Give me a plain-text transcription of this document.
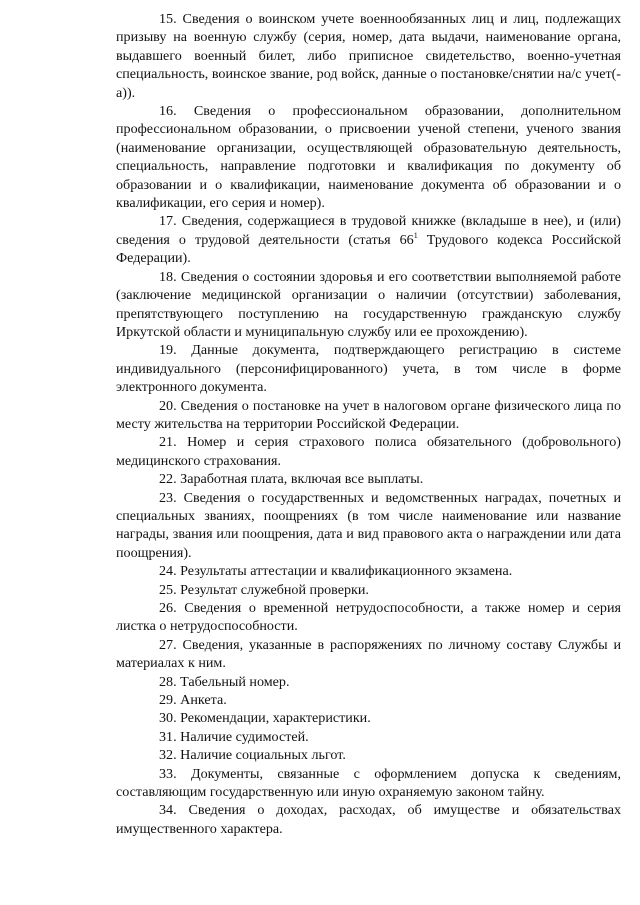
15. Сведения о воинском учете военнообязанных лиц и лиц, подлежащих призыву на военную службу (серия, номер, дата выдачи, наименование органа, выдавшего военный билет, либо приписное свидетельство, военно-учетная специальность, воинское звание, род войск, данные о постановке/снятии на/с учет(-а)).

16. Сведения о профессиональном образовании, дополнительном профессиональном образовании, о присвоении ученой степени, ученого звания (наименование организации, осуществляющей образовательную деятельность, специальность, направление подготовки и квалификация по документу об образовании и о квалификации, наименование документа об образовании и о квалификации, его серия и номер).

17. Сведения, содержащиеся в трудовой книжке (вкладыше в нее), и (или) сведения о трудовой деятельности (статья $66^1$ Трудового кодекса Российской Федерации).

18. Сведения о состоянии здоровья и его соответствии выполняемой работе (заключение медицинской организации о наличии (отсутствии) заболевания, препятствующего поступлению на государственную гражданскую службу Иркутской области и муниципальную службу или ее прохождению).

19. Данные документа, подтверждающего регистрацию в системе индивидуального (персонифицированного) учета, в том числе в форме электронного документа.

20. Сведения о постановке на учет в налоговом органе физического лица по месту жительства на территории Российской Федерации.

21. Номер и серия страхового полиса обязательного (добровольного) медицинского страхования.

22. Заработная плата, включая все выплаты.

23. Сведения о государственных и ведомственных наградах, почетных и специальных званиях, поощрениях (в том числе наименование или название награды, звания или поощрения, дата и вид правового акта о награждении или дата поощрения).

24. Результаты аттестации и квалификационного экзамена.

25. Результат служебной проверки.

26. Сведения о временной нетрудоспособности, а также номер и серия листка о нетрудоспособности.

27. Сведения, указанные в распоряжениях по личному составу Службы и материалах к ним.

28. Табельный номер.

29. Анкета.

30. Рекомендации, характеристики.

31. Наличие судимостей.

32. Наличие социальных льгот.

33. Документы, связанные с оформлением допуска к сведениям, составляющим государственную или иную охраняемую законом тайну.

34. Сведения о доходах, расходах, об имуществе и обязательствах имущественного характера.
